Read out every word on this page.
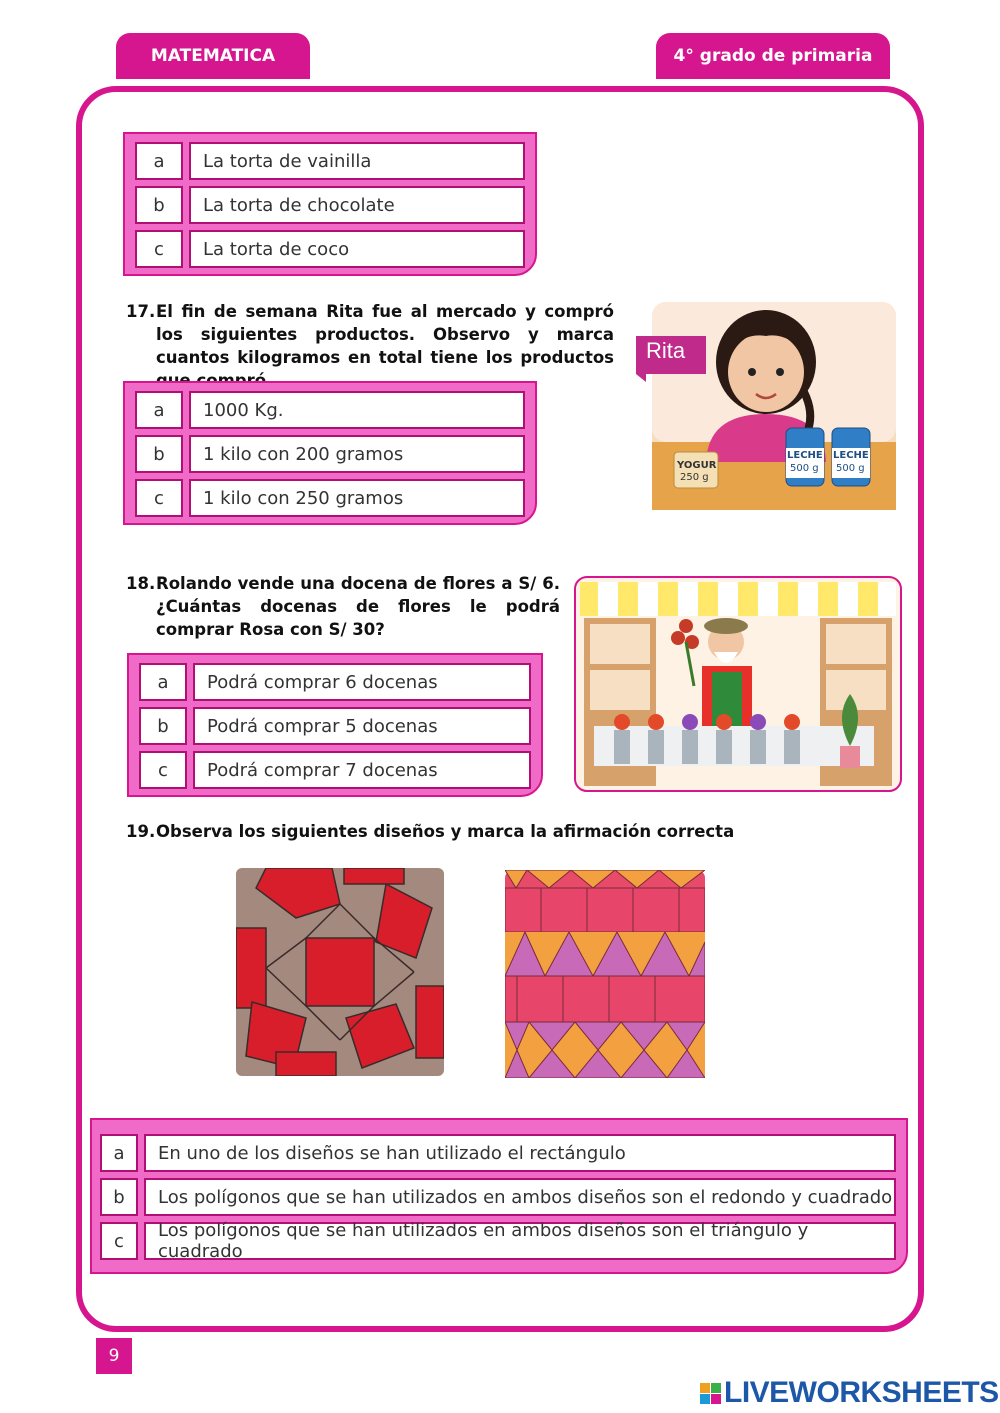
MATEMATICA	4° grado de primaria
a	La torta de vainilla
b	La torta de chocolate
c	La torta de coco
17. El fin de semana Rita fue al mercado y compró los siguientes productos. Observo y marca cuantos kilogramos en total tiene los productos Rita
YOGUR
250 g
LECHE
500 g
LECHE
500 g
a	1000 Kg.
b	1 kilo con 200 gramos
c	1 kilo con 250 gramos
18. Rolando vende una docena de flores a S/ 6. ¿Cuántas docenas de flores le podrá comprar Rosa con S/ 30?
a	Podrá comprar 6 docenas
b	Podrá comprar 5 docenas
c	Podrá comprar 7 docenas
19. Observa los siguientes diseños y marca la afirmación correcta
a	En uno de los diseños se han utilizado el rectángulo
b	Los polígonos que se han utilizados en ambos diseños son el redondo y cuadrado
c	Los polígonos que se han utilizados en ambos diseños son el triángulo y cuadrado
9
LIVEWORKSHEETS
